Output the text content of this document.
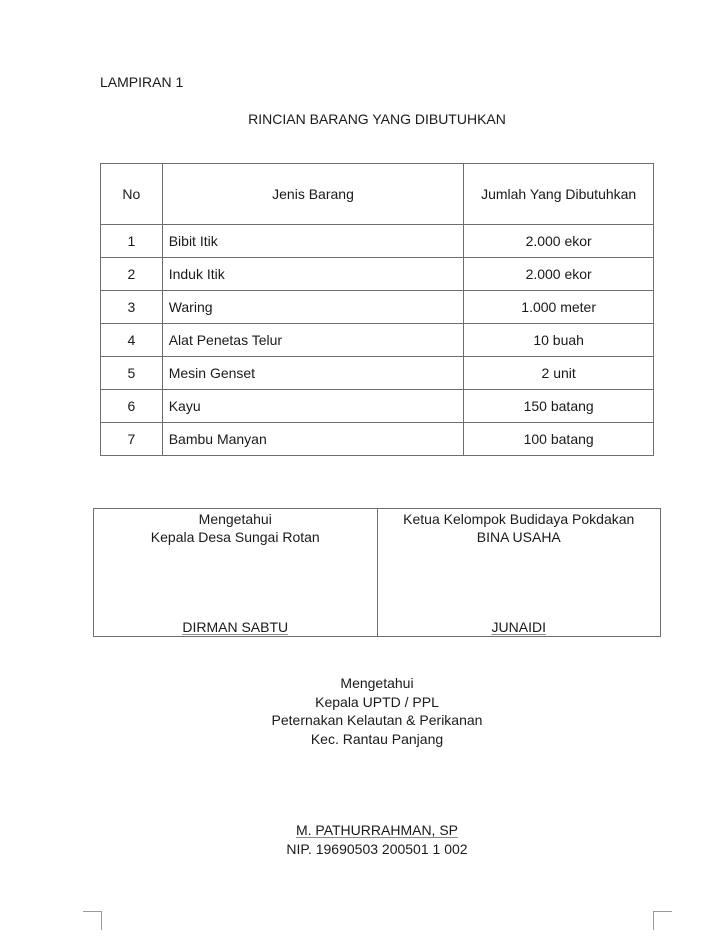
LAMPIRAN 1
RINCIAN BARANG YANG DIBUTUHKAN
No	Jenis Barang	Jumlah Yang Dibutuhkan
1	Bibit Itik	2.000 ekor
2	Induk Itik	2.000 ekor
3	Waring	1.000 meter
4	Alat Penetas Telur	10 buah
5	Mesin Genset	2 unit
6	Kayu	150 batang
7	Bambu Manyan	100 batang
Mengetahui
Kepala Desa Sungai Rotan
DIRMAN SABTU

Ketua Kelompok Budidaya Pokdakan
BINA USAHA
JUNAIDI
Mengetahui
Kepala UPTD / PPL
Peternakan Kelautan & Perikanan
Kec. Rantau Panjang
M. PATHURRAHMAN, SP
NIP. 19690503 200501 1 002
